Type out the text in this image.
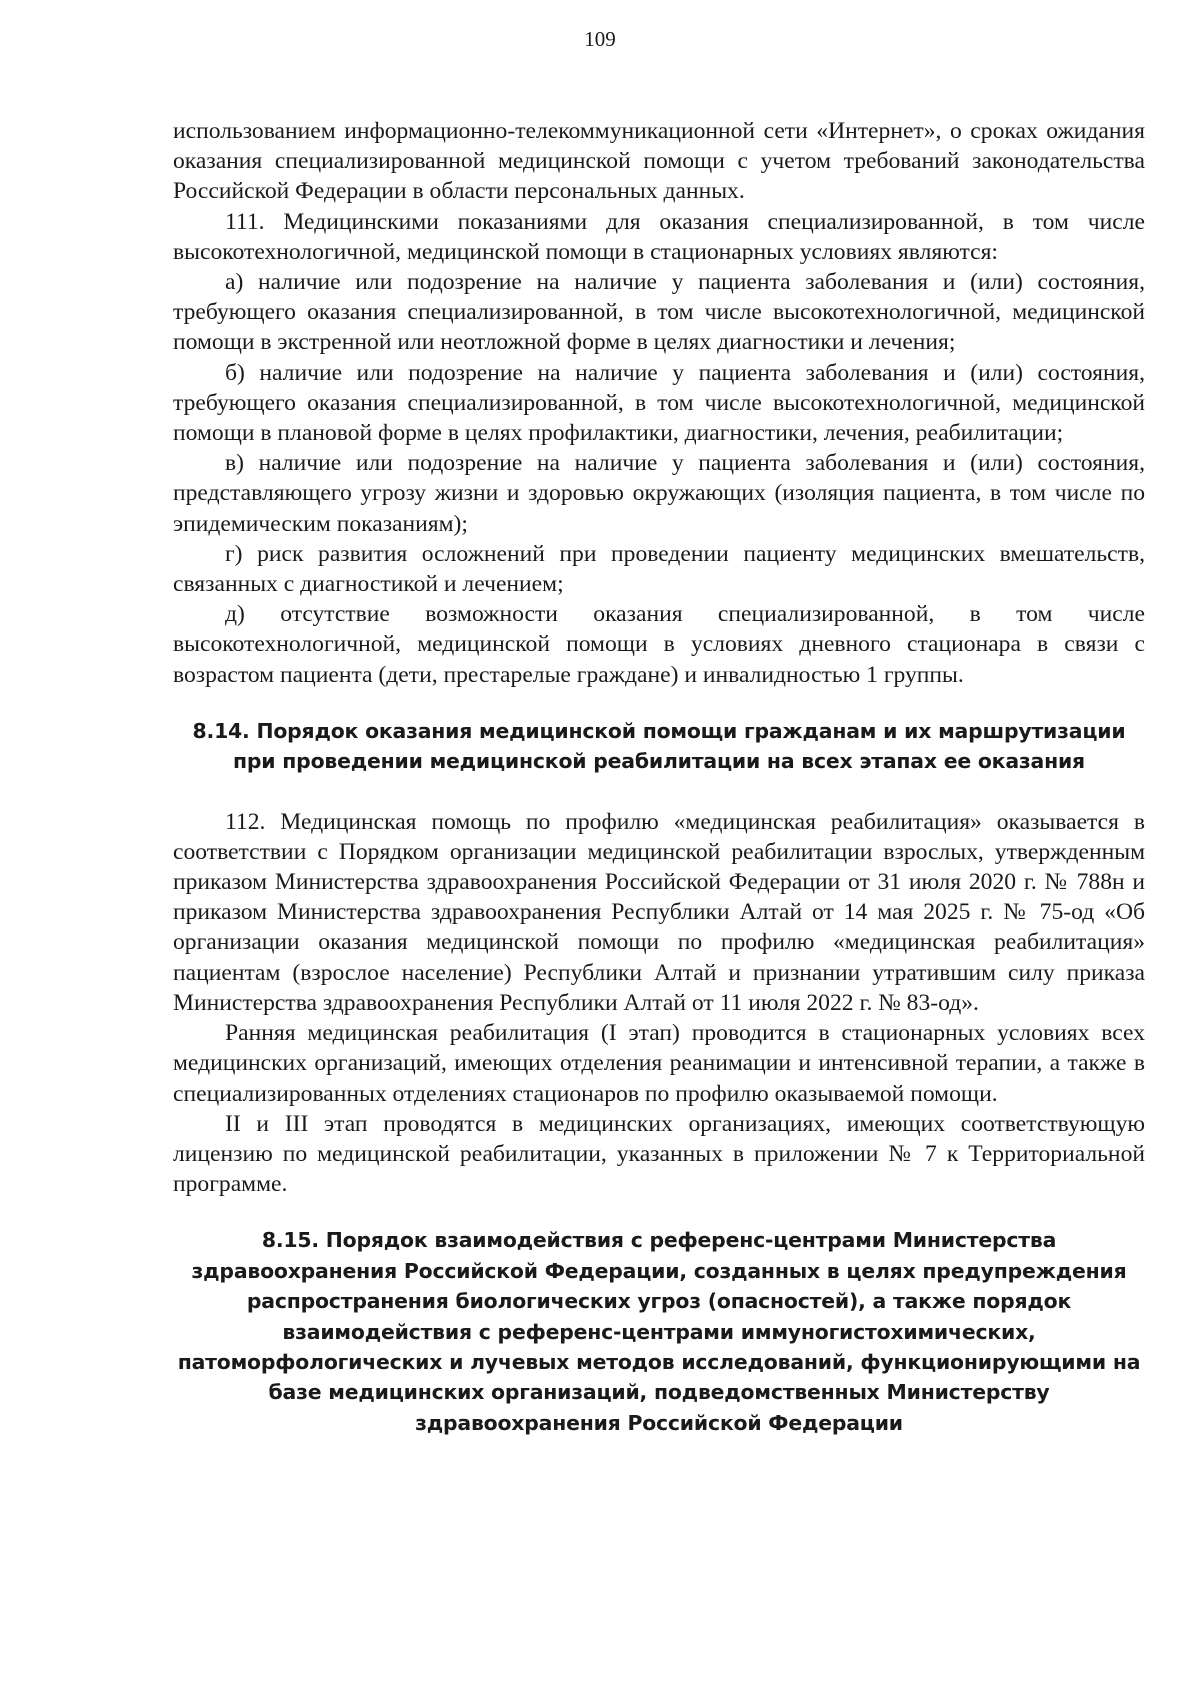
109

использованием информационно-телекоммуникационной сети «Интернет», о сроках ожидания оказания специализированной медицинской помощи с учетом требований законодательства Российской Федерации в области персональных данных.

111. Медицинскими показаниями для оказания специализированной, в том числе высокотехнологичной, медицинской помощи в стационарных условиях являются:

а) наличие или подозрение на наличие у пациента заболевания и (или) состояния, требующего оказания специализированной, в том числе высокотехнологичной, медицинской помощи в экстренной или неотложной форме в целях диагностики и лечения;

б) наличие или подозрение на наличие у пациента заболевания и (или) состояния, требующего оказания специализированной, в том числе высокотехнологичной, медицинской помощи в плановой форме в целях профилактики, диагностики, лечения, реабилитации;

в) наличие или подозрение на наличие у пациента заболевания и (или) состояния, представляющего угрозу жизни и здоровью окружающих (изоляция пациента, в том числе по эпидемическим показаниям);

г) риск развития осложнений при проведении пациенту медицинских вмешательств, связанных с диагностикой и лечением;

д) отсутствие возможности оказания специализированной, в том числе высокотехнологичной, медицинской помощи в условиях дневного стационара в связи с возрастом пациента (дети, престарелые граждане) и инвалидностью 1 группы.

8.14. Порядок оказания медицинской помощи гражданам и их маршрутизации при проведении медицинской реабилитации на всех этапах ее оказания

112. Медицинская помощь по профилю «медицинская реабилитация» оказывается в соответствии с Порядком организации медицинской реабилитации взрослых, утвержденным приказом Министерства здравоохранения Российской Федерации от 31 июля 2020 г. № 788н и приказом Министерства здравоохранения Республики Алтай от 14 мая 2025 г. № 75-од «Об организации оказания медицинской помощи по профилю «медицинская реабилитация» пациентам (взрослое население) Республики Алтай и признании утратившим силу приказа Министерства здравоохранения Республики Алтай от 11 июля 2022 г. № 83-од».

Ранняя медицинская реабилитация (I этап) проводится в стационарных условиях всех медицинских организаций, имеющих отделения реанимации и интенсивной терапии, а также в специализированных отделениях стационаров по профилю оказываемой помощи.

II и III этап проводятся в медицинских организациях, имеющих соответствующую лицензию по медицинской реабилитации, указанных в приложении № 7 к Территориальной программе.

8.15. Порядок взаимодействия с референс-центрами Министерства здравоохранения Российской Федерации, созданных в целях предупреждения распространения биологических угроз (опасностей), а также порядок взаимодействия с референс-центрами иммуногистохимических, патоморфологических и лучевых методов исследований, функционирующими на базе медицинских организаций, подведомственных Министерству здравоохранения Российской Федерации
